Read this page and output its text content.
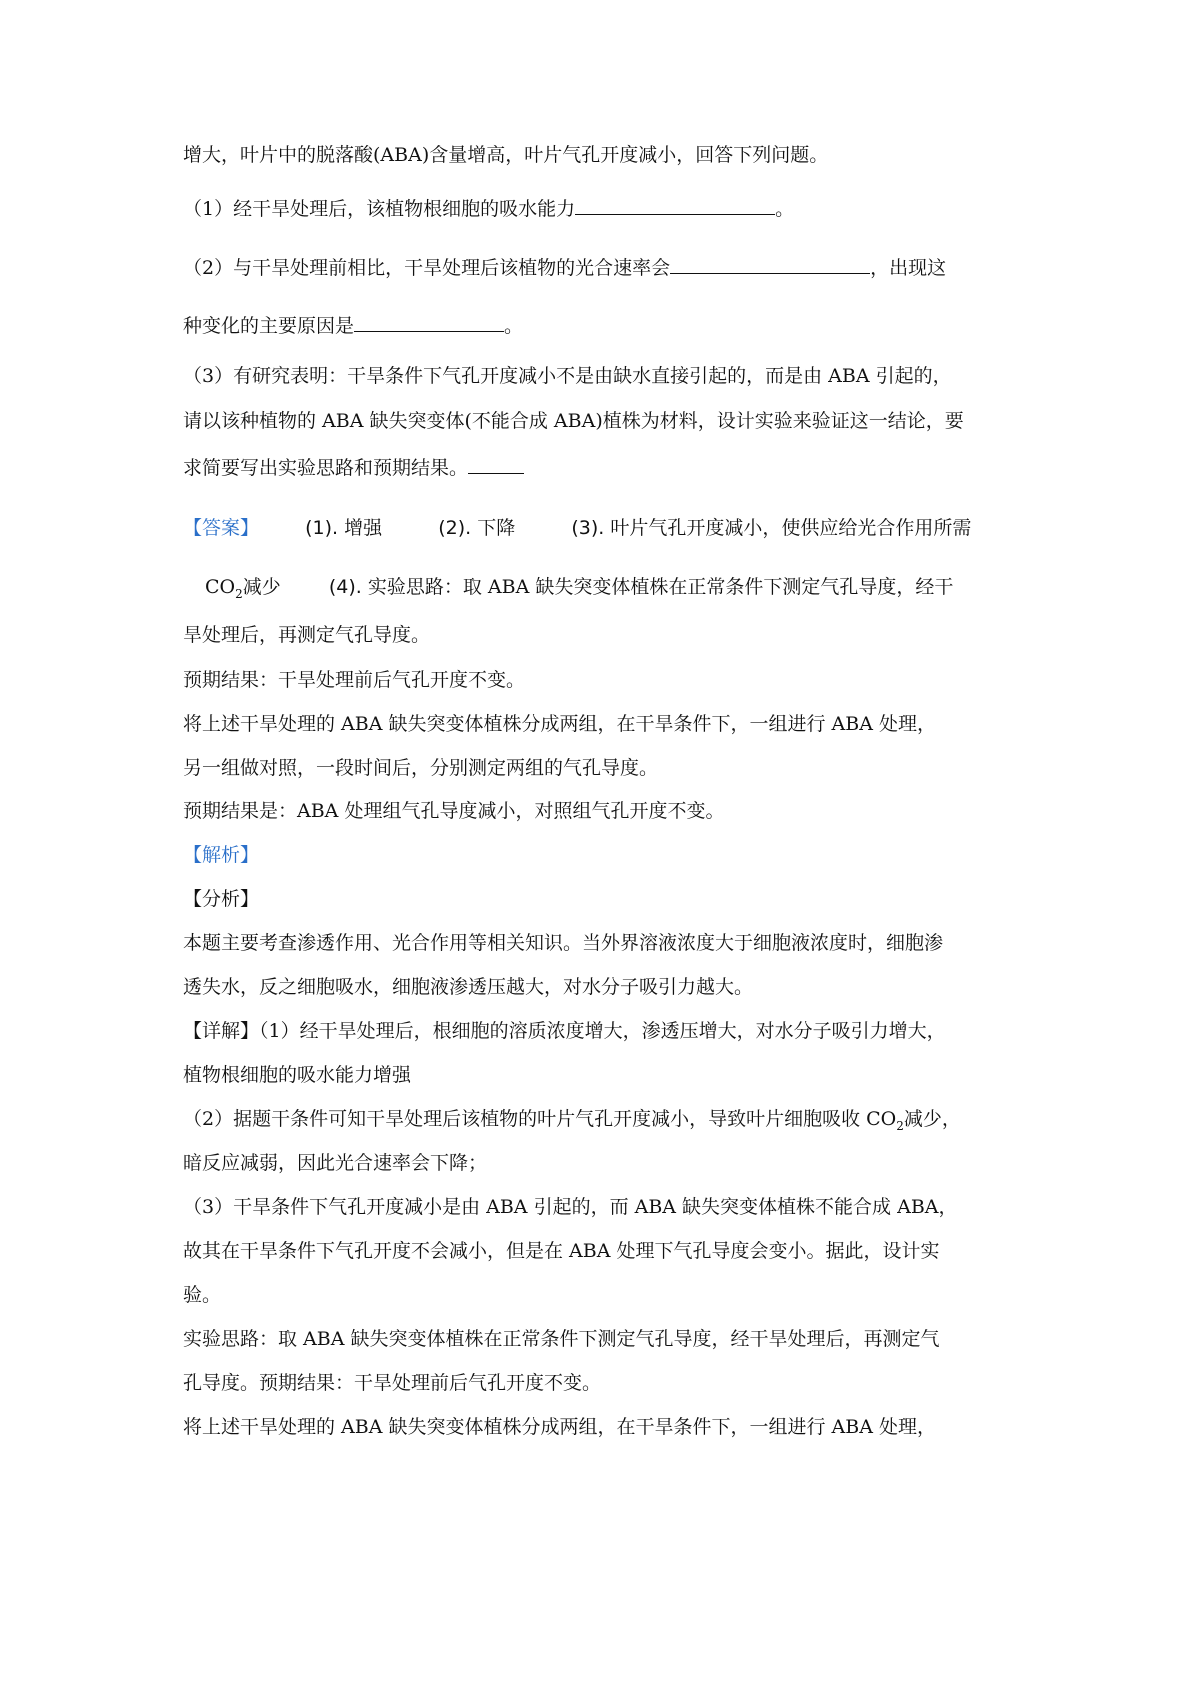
增大，叶片中的脱落酸(ABA)含量增高，叶片气孔开度减小，回答下列问题。
（1）经干旱处理后，该植物根细胞的吸水能力	。
（2）与干旱处理前相比，干旱处理后该植物的光合速率会	，出现这
种变化的主要原因是	。
（3）有研究表明：干旱条件下气孔开度减小不是由缺水直接引起的，而是由 ABA 引起的，
请以该种植物的 ABA 缺失突变体(不能合成 ABA)植株为材料，设计实验来验证这一结论，要
求简要写出实验思路和预期结果。
【答案】 (1). 增强	(2). 下降	(3). 叶片气孔开度减小，使供应给光合作用所需
$CO_2$减少	(4). 实验思路：取 ABA 缺失突变体植株在正常条件下测定气孔导度，经干
旱处理后，再测定气孔导度。
预期结果：干旱处理前后气孔开度不变。
将上述干旱处理的 ABA 缺失突变体植株分成两组，在干旱条件下，一组进行 ABA 处理，
另一组做对照，一段时间后，分别测定两组的气孔导度。
预期结果是：ABA 处理组气孔导度减小，对照组气孔开度不变。
【解析】
【分析】
本题主要考查渗透作用、光合作用等相关知识。当外界溶液浓度大于细胞液浓度时，细胞渗
透失水，反之细胞吸水，细胞液渗透压越大，对水分子吸引力越大。
【详解】（1）经干旱处理后，根细胞的溶质浓度增大，渗透压增大，对水分子吸引力增大，
植物根细胞的吸水能力增强
（2）据题干条件可知干旱处理后该植物的叶片气孔开度减小，导致叶片细胞吸收 $CO_2$减少，
暗反应减弱，因此光合速率会下降；
（3）干旱条件下气孔开度减小是由 ABA 引起的，而 ABA 缺失突变体植株不能合成 ABA，
故其在干旱条件下气孔开度不会减小，但是在 ABA 处理下气孔导度会变小。据此，设计实
验。
实验思路：取 ABA 缺失突变体植株在正常条件下测定气孔导度，经干旱处理后，再测定气
孔导度。预期结果：干旱处理前后气孔开度不变。
将上述干旱处理的 ABA 缺失突变体植株分成两组，在干旱条件下，一组进行 ABA 处理，
